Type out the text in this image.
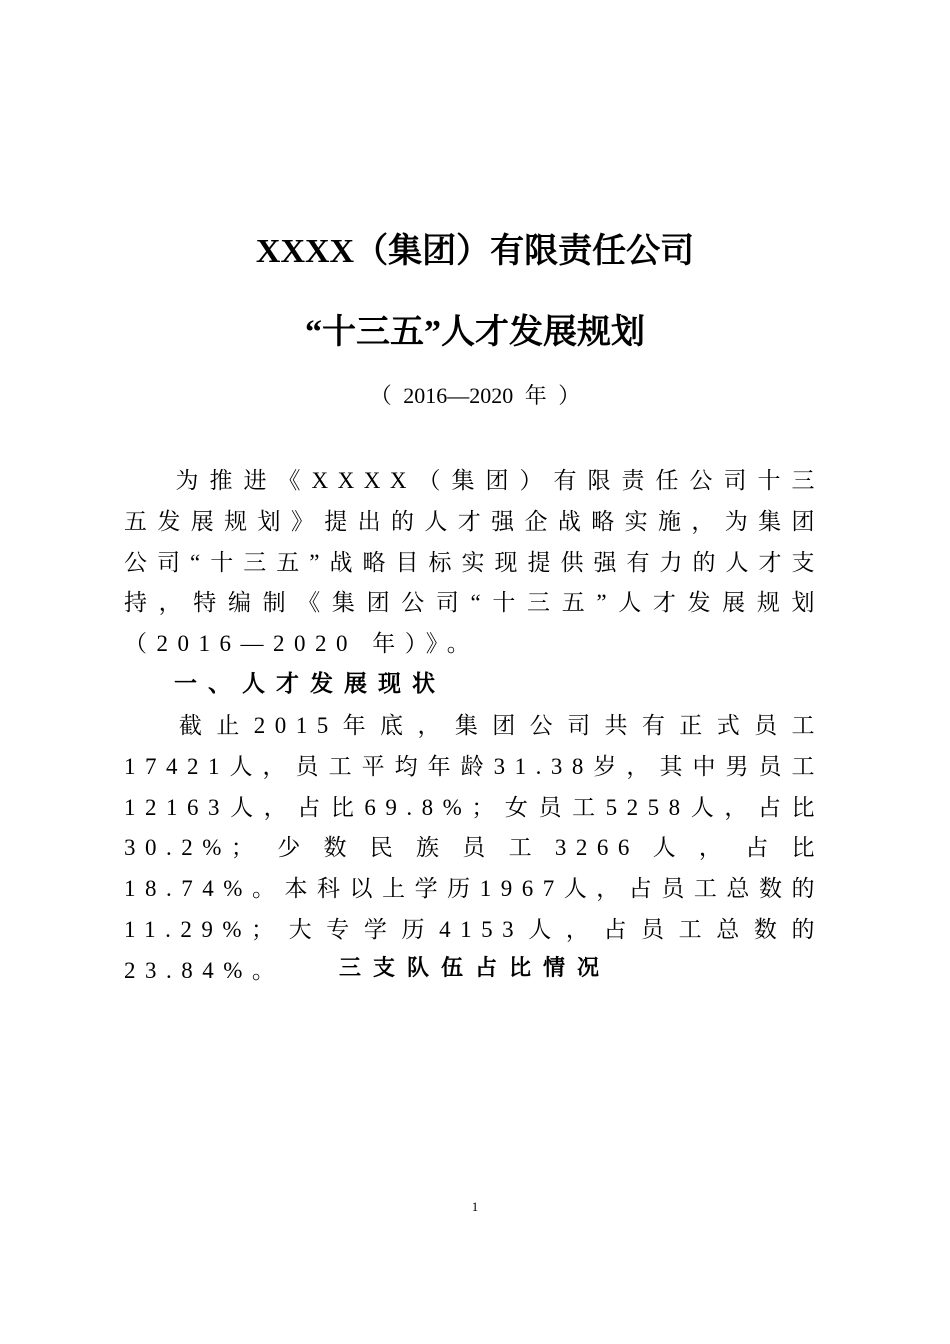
XXXX（集团）有限责任公司
“十三五”人才发展规划
（ 2016—2020 年 ）
为推进《XXXX（集团）有限责任公司十三五发展规划》提出的人才强企战略实施，为集团公司“十三五”战略目标实现提供强有力的人才支持，特编制《集团公司“十三五”人才发展规划（2016—2020 年）》。
一、人才发展现状
截止2015年底，集团公司共有正式员工17421人，员工平均年龄31.38岁，其中男员工12163人，占比69.8%；女员工5258人，占比30.2%；少数民族员工3266人，占比18.74%。本科以上学历1967人，占员工总数的11.29%；大专学历4153人，占员工总数的23.84%。	三支队伍占比情况
1
